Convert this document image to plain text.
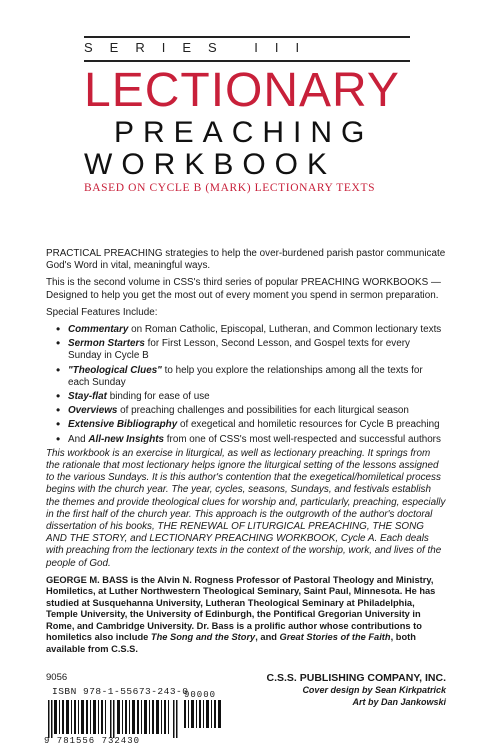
SERIES III
LECTIONARY
PREACHING
WORKBOOK
BASED ON CYCLE B (MARK) LECTIONARY TEXTS

PRACTICAL PREACHING strategies to help the over-burdened parish pastor communicate God's Word in vital, meaningful ways.

This is the second volume in CSS's third series of popular PREACHING WORKBOOKS — Designed to help you get the most out of every moment you spend in sermon preparation.

Special Features Include:

• Commentary on Roman Catholic, Episcopal, Lutheran, and Common lectionary texts
• Sermon Starters for First Lesson, Second Lesson, and Gospel texts for every Sunday in Cycle B
• "Theological Clues" to help you explore the relationships among all the texts for each Sunday
• Stay-flat binding for ease of use
• Overviews of preaching challenges and possibilities for each liturgical season
• Extensive Bibliography of exegetical and homiletic resources for Cycle B preaching
• And All-new Insights from one of CSS's most well-respected and successful authors

This workbook is an exercise in liturgical, as well as lectionary preaching. It springs from the rationale that most lectionary helps ignore the liturgical setting of the lessons assigned to the various Sundays. It is this author's contention that the exegetical/homiletical process begins with the church year. The year, cycles, seasons, Sundays, and festivals establish the themes and provide theological clues for worship and, particularly, preaching, especially in the first half of the church year. This approach is the outgrowth of the author's doctoral dissertation of his books, THE RENEWAL OF LITURGICAL PREACHING, THE SONG AND THE STORY, and LECTIONARY PREACHING WORKBOOK, Cycle A. Each deals with preaching from the lectionary texts in the context of the worship, work, and lives of the people of God.

GEORGE M. BASS is the Alvin N. Rogness Professor of Pastoral Theology and Ministry, Homiletics, at Luther Northwestern Theological Seminary, Saint Paul, Minnesota. He has studied at Susquehanna University, Lutheran Theological Seminary at Philadelphia, Temple University, the University of Edinburgh, the Pontifical Gregorian University in Rome, and Cambridge University. Dr. Bass is a prolific author whose contributions to homiletics also include The Song and the Story, and Great Stories of the Faith, both available from C.S.S.

9056	C.S.S. PUBLISHING COMPANY, INC.
Cover design by Sean Kirkpatrick
Art by Dan Jankowski
ISBN 978-1-55673-243-0
9 781556 732430
90000
